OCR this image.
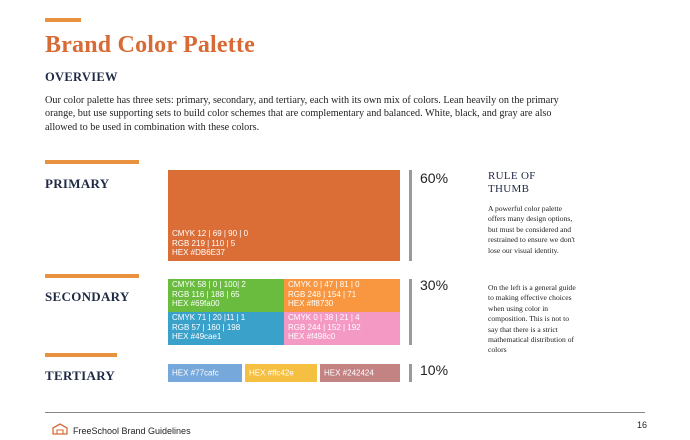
Brand Color Palette
OVERVIEW
Our color palette has three sets: primary, secondary, and tertiary, each with its own mix of colors. Lean heavily on the primary orange, but use supporting sets to build color schemes that are complementary and balanced. White, black, and gray are also allowed to be used in combination with these colors.
PRIMARY
CMYK 12 | 69 | 90 | 0
RGB 219 | 110 | 5
HEX #DB6E37
60%
SECONDARY
CMYK 58 | 0 | 100| 2
RGB 116 | 188 | 65
HEX #69fa00
CMYK 0 | 47 | 81 | 0
RGB 248 | 154 | 71
HEX #ff8730
CMYK 71 | 20 |11 | 1
RGB 57 | 160 | 198
HEX #49cae1
CMYK 0 | 38 | 21 | 4
RGB 244 | 152 | 192
HEX #f498c0
30%
TERTIARY	HEX #77cafc	HEX #ffc42e	HEX #242424	10%
RULE OF
THUMB
A powerful color palette offers many design options, but must be considered and restrained to ensure we don't lose our visual identity.
On the left is a general guide to making effective choices when using color in composition. This is not to say that there is a strict mathematical distribution of colors
FreeSchool Brand Guidelines
16
